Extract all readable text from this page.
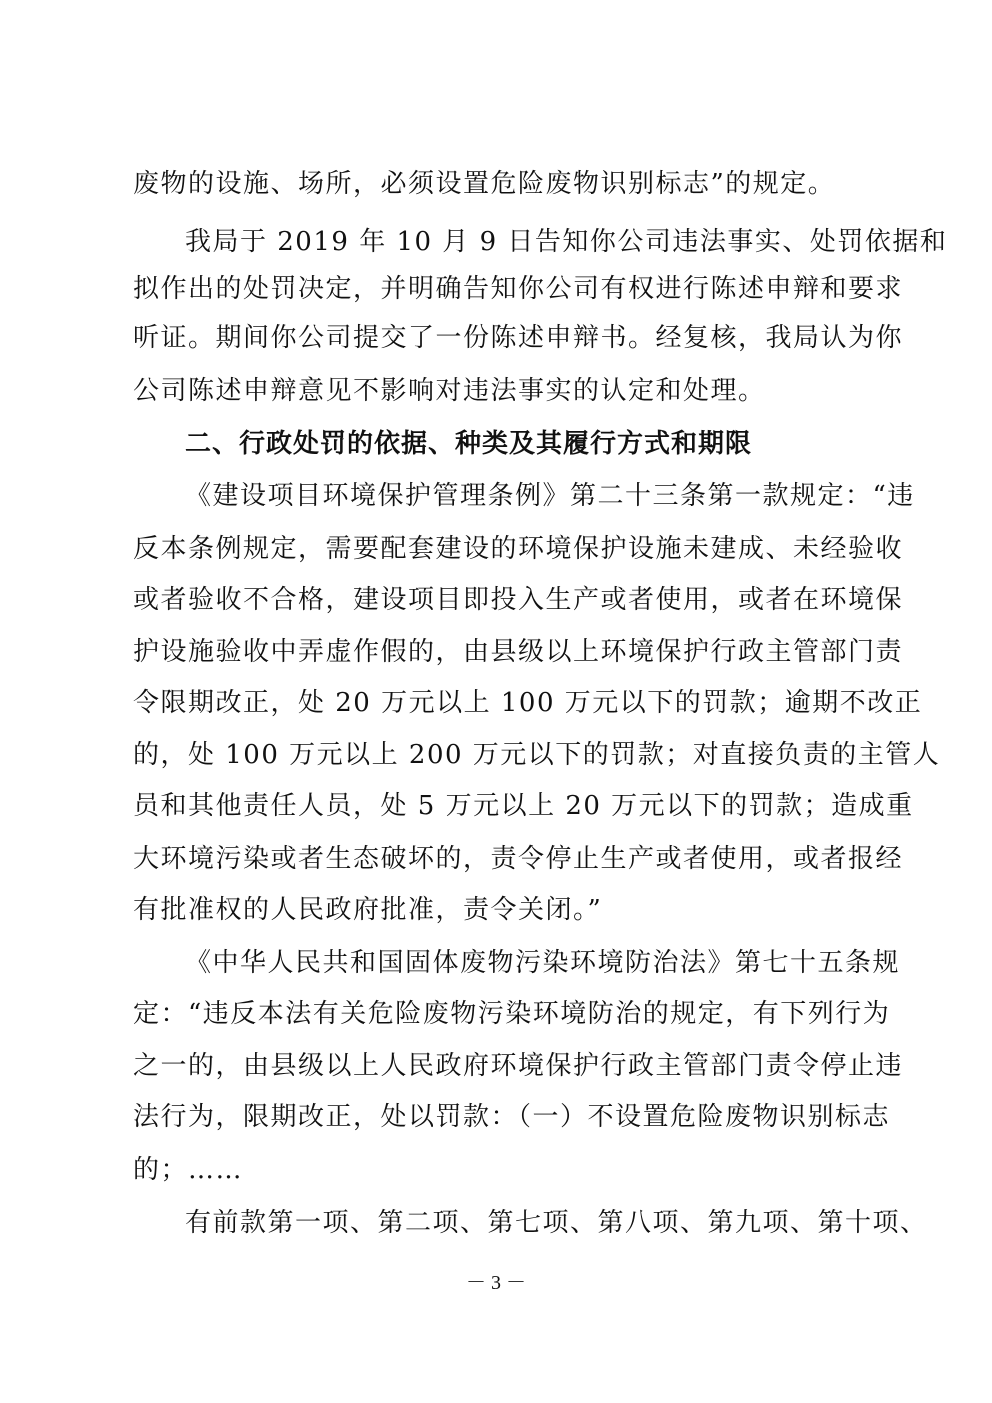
废物的设施、场所，必须设置危险废物识别标志”的规定。
我局于 2019 年 10 月 9 日告知你公司违法事实、处罚依据和
拟作出的处罚决定，并明确告知你公司有权进行陈述申辩和要求
听证。期间你公司提交了一份陈述申辩书。经复核，我局认为你
公司陈述申辩意见不影响对违法事实的认定和处理。
二、行政处罚的依据、种类及其履行方式和期限
《建设项目环境保护管理条例》第二十三条第一款规定：“违
反本条例规定，需要配套建设的环境保护设施未建成、未经验收
或者验收不合格，建设项目即投入生产或者使用，或者在环境保
护设施验收中弄虚作假的，由县级以上环境保护行政主管部门责
令限期改正，处 20 万元以上 100 万元以下的罚款；逾期不改正
的，处 100 万元以上 200 万元以下的罚款；对直接负责的主管人
员和其他责任人员，处 5 万元以上 20 万元以下的罚款；造成重
大环境污染或者生态破坏的，责令停止生产或者使用，或者报经
有批准权的人民政府批准，责令关闭。”
《中华人民共和国固体废物污染环境防治法》第七十五条规
定：“违反本法有关危险废物污染环境防治的规定，有下列行为
之一的，由县级以上人民政府环境保护行政主管部门责令停止违
法行为，限期改正，处以罚款：（一）不设置危险废物识别标志
的；……
有前款第一项、第二项、第七项、第八项、第九项、第十项、
－ 3 －
